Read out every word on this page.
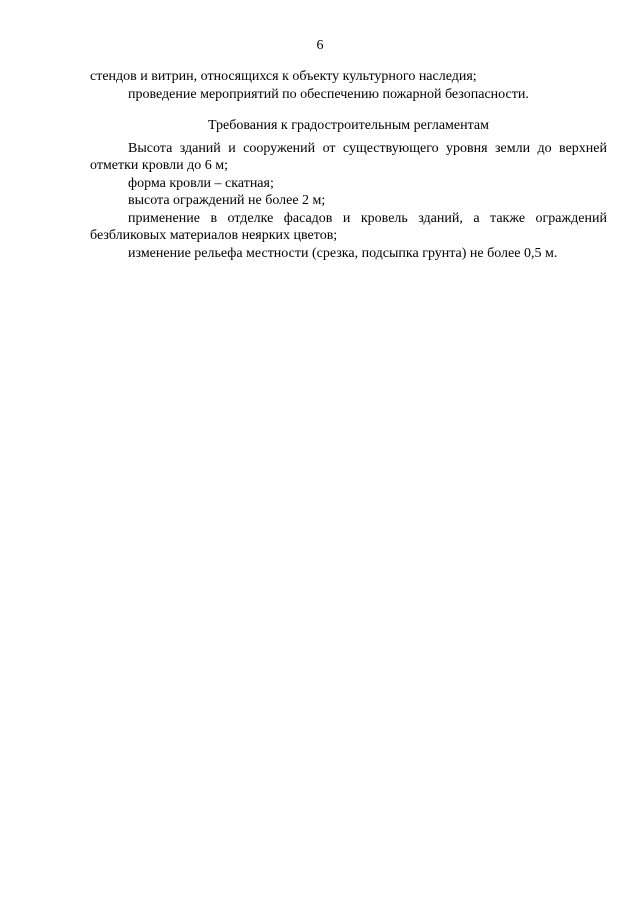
6

стендов и витрин, относящихся к объекту культурного наследия;

проведение мероприятий по обеспечению пожарной безопасности.

Требования к градостроительным регламентам

Высота зданий и сооружений от существующего уровня земли до верхней отметки кровли до 6 м;

форма кровли – скатная;

высота ограждений не более 2 м;

применение в отделке фасадов и кровель зданий, а также ограждений безбликовых материалов неярких цветов;

изменение рельефа местности (срезка, подсыпка грунта) не более 0,5 м.
